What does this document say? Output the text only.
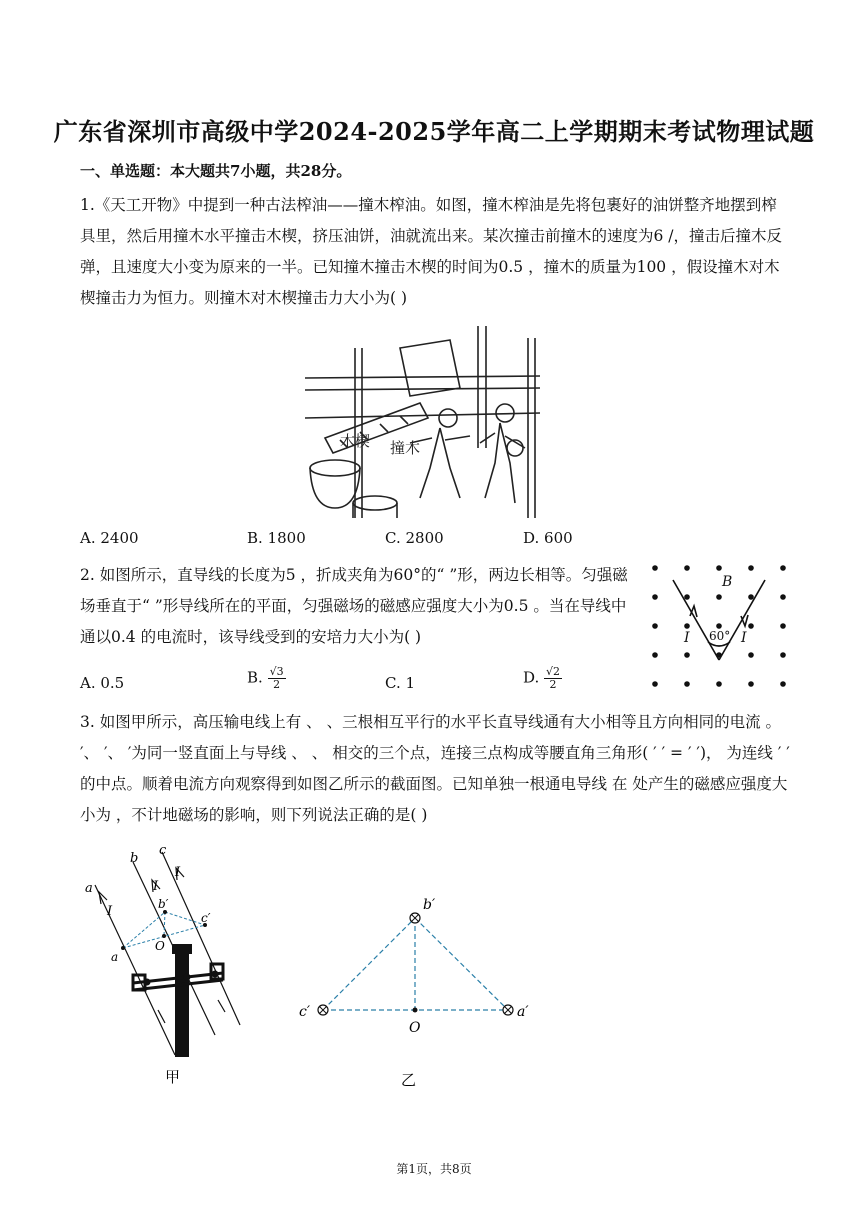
广东省深圳市高级中学2024-2025学年高二上学期期末考试物理试题
一、单选题：本大题共7小题，共28分。
1.《天工开物》中提到一种古法榨油——撞木榨油。如图，撞木榨油是先将包裹好的油饼整齐地摆到榨具里，然后用撞木水平撞击木楔，挤压油饼，油就流出来。某次撞击前撞木的速度为6 /，撞击后撞木反弹，且速度大小变为原来的一半。已知撞木撞击木楔的时间为0.5 ，撞木的质量为100 ，假设撞木对木楔撞击力为恒力。则撞木对木楔撞击力大小为( )
木楔 撞木
A. 2400	B. 1800	C. 2800	D. 600
2. 如图所示，直导线的长度为5 ，折成夹角为60°的“ ”形，两边长相等。匀强磁场垂直于“ ”形导线所在的平面，匀强磁场的磁感应强度大小为0.5 。当在导线中通以0.4 的电流时，该导线受到的安培力大小为( )
B
I	I
60°
A. 0.5	B. $\frac{√3}{2}$	C. 1	D. $\frac{√2}{2}$
3. 如图甲所示，高压输电线上有 、 、三根相互平行的水平长直导线通有大小相等且方向相同的电流 。 ′、 ′、 ′为同一竖直面上与导线 、 、 相交的三个点，连接三点构成等腰直角三角形( ′ ′ = ′ ′)， 为连线 ′ ′的中点。顺着电流方向观察得到如图乙所示的截面图。已知单独一根通电导线 在 处产生的磁感应强度大小为 ，不计地磁场的影响，则下列说法正确的是( )
a
b
c
I
I
I
b′
c′
a
O
甲
b′
c′
O
a′
乙
第1页，共8页
